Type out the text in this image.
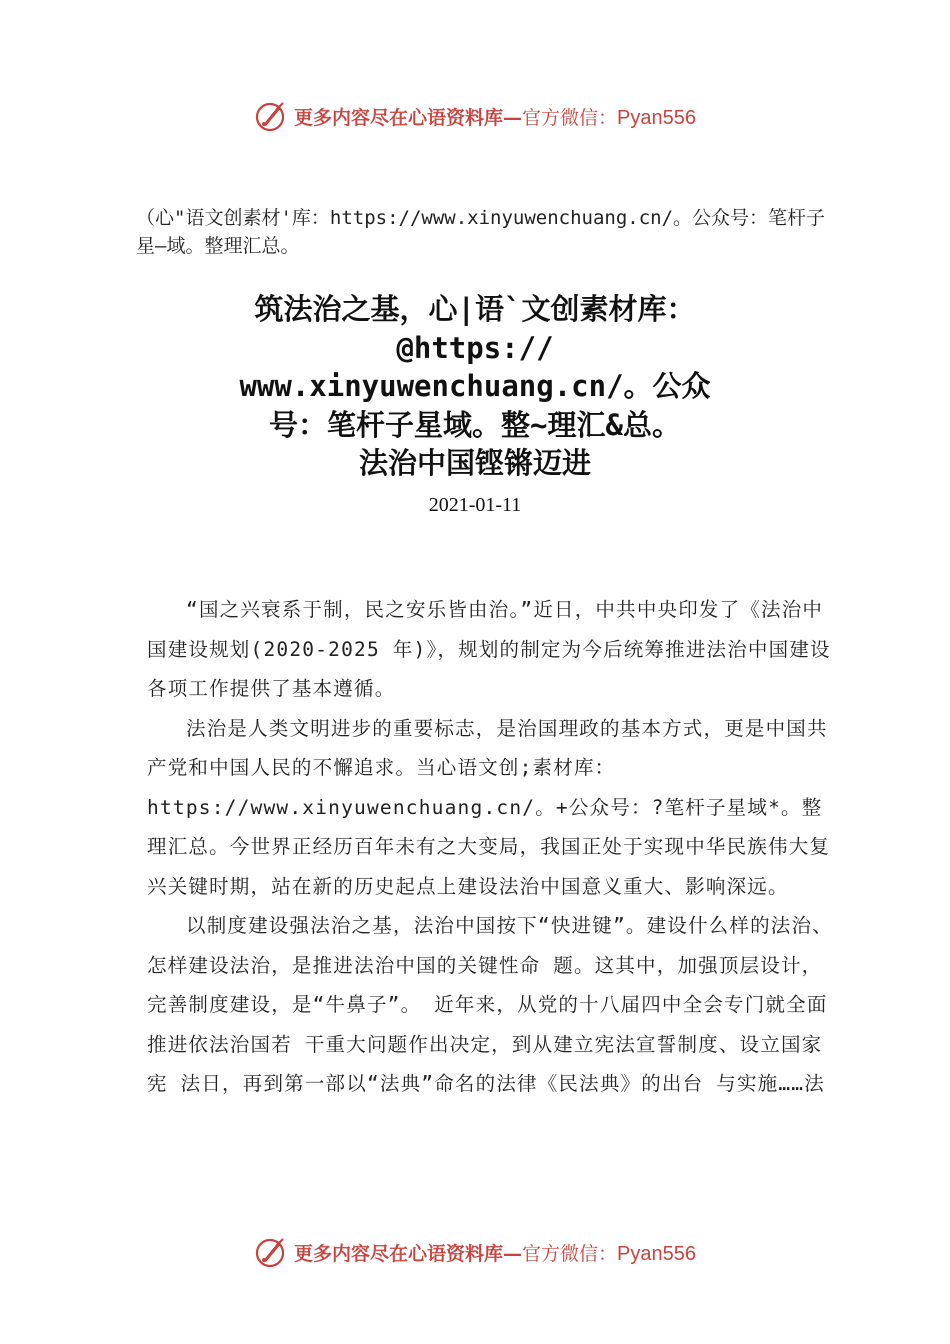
更多内容尽在心语资料库—官方微信：Pyan556
（心"语文创素材'库：https://www.xinyuwenchuang.cn/。公众号：笔杆子星—域。整理汇总。
筑法治之基，心|语`文创素材库：
@https://
www.xinyuwenchuang.cn/。公众
号：笔杆子星域。整~理汇&总。
法治中国铿锵迈进
2021-01-11

“国之兴衰系于制，民之安乐皆由治。”近日，中共中央印发了《法治中国建设规划(2020-2025 年)》，规划的制定为今后统筹推进法治中国建设各项工作提供了基本遵循。

法治是人类文明进步的重要标志，是治国理政的基本方式，更是中国共产党和中国人民的不懈追求。当心语文创;素材库：https://www.xinyuwenchuang.cn/。+公众号：?笔杆子星域*。整理汇总。今世界正经历百年未有之大变局，我国正处于实现中华民族伟大复兴关键时期，站在新的历史起点上建设法治中国意义重大、影响深远。

以制度建设强法治之基，法治中国按下“快进键”。建设什么样的法治、怎样建设法治，是推进法治中国的关键性命 题。这其中，加强顶层设计，完善制度建设，是“牛鼻子”。 近年来，从党的十八届四中全会专门就全面推进依法治国若 干重大问题作出决定，到从建立宪法宣誓制度、设立国家宪 法日，再到第一部以“法典”命名的法律《民法典》的出台 与实施……法

更多内容尽在心语资料库—官方微信：Pyan556
